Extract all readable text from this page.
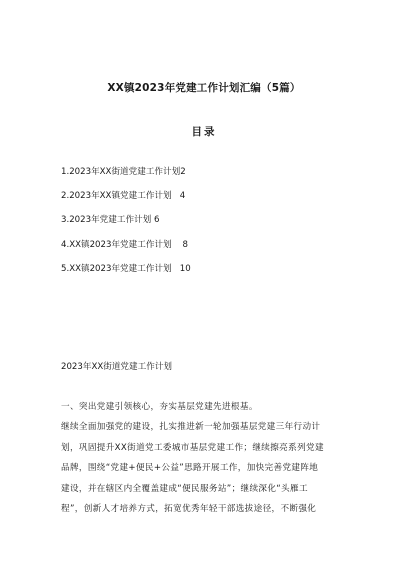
XX镇2023年党建工作计划汇编（5篇）
目录
1.2023年XX街道党建工作计划2
2.2023年XX镇党建工作计划   4
3.2023年党建工作计划 6
4.XX镇2023年党建工作计划    8
5.XX镇2023年党建工作计划   10
2023年XX街道党建工作计划
一、突出党建引领核心，夯实基层党建先进根基。
继续全面加强党的建设，扎实推进新一轮加强基层党建三年行动计
划，巩固提升XX街道党工委城市基层党建工作；继续擦亮系列党建
品牌，围绕“党建+便民+公益”思路开展工作，加快完善党建阵地
建设，并在辖区内全覆盖建成“便民服务站”；继续深化“头雁工
程”，创新人才培养方式，拓宽优秀年轻干部选拔途径，不断强化
